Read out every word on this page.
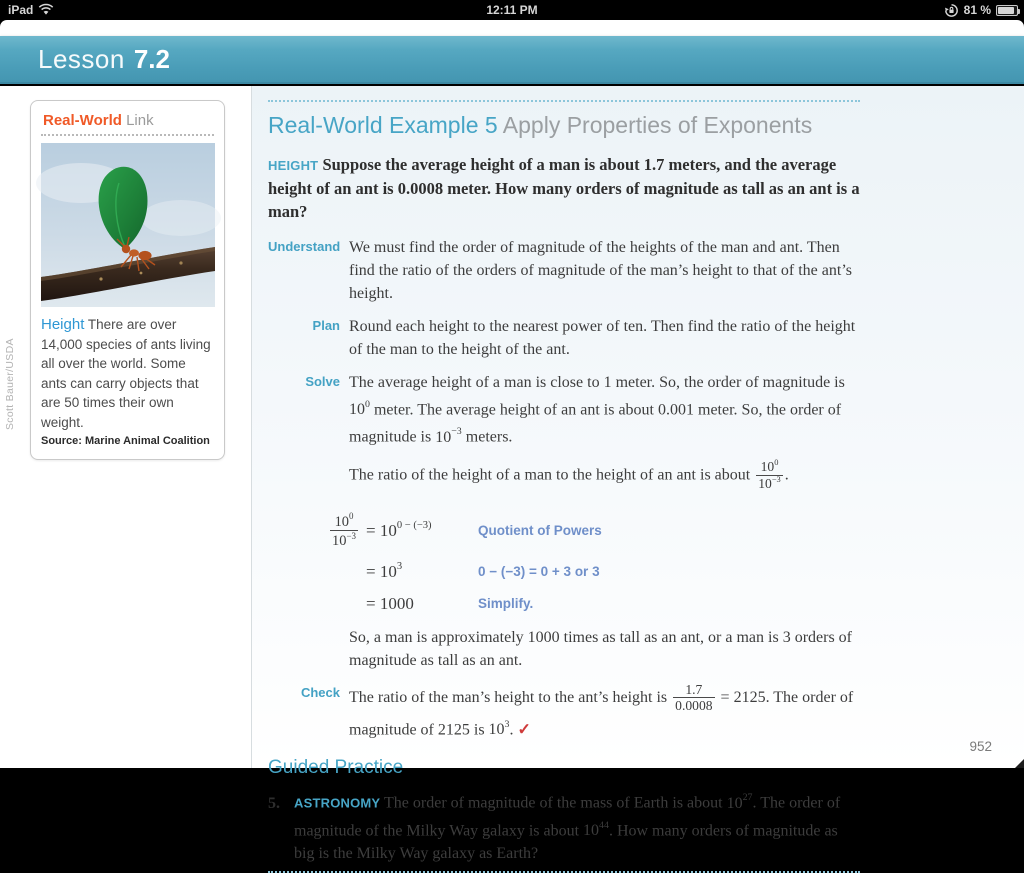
iPad	12:11 PM	81 %
Lesson 7.2
Scott Bauer/USDA
Real-World Link

Height There are over 14,000 species of ants living all over the world. Some ants can carry objects that are 50 times their own weight.

Source: Marine Animal Coalition

Real-World Example 5 Apply Properties of Exponents

HEIGHT Suppose the average height of a man is about 1.7 meters, and the average height of an ant is 0.0008 meter. How many orders of magnitude as tall as an ant is a man?

Understand We must find the order of magnitude of the heights of the man and ant. Then find the ratio of the orders of magnitude of the man’s height to that of the ant’s height.
Plan Round each height to the nearest power of ten. Then find the ratio of the height of the man to the height of the ant.
Solve The average height of a man is close to 1 meter. So, the order of magnitude is $10^0$ meter. The average height of an ant is about 0.001 meter. So, the order of magnitude is $10^{-3}$ meters.

The ratio of the height of a man to the height of an ant is about $\frac{10^0}{10^{-3}}$ .

$\frac{10^0}{10^{-3}} = 10^{0 - (-3)}$	Quotient of Powers
= $10^3$	0 − (−3) = 0 + 3 or 3
= 1000	Simplify.
So, a man is approximately 1000 times as tall as an ant, or a man is 3 orders of magnitude as tall as an ant.
Check The ratio of the man’s height to the ant’s height is $\frac{1.7}{0.0008} = 2125$. The order of magnitude of 2125 is $10^3$. ✓
Guided Practice

5. ASTRONOMY The order of magnitude of the mass of Earth is about $10^{27}$. The order of magnitude of the Milky Way galaxy is about $10^{44}$. How many orders of magnitude as big is the Milky Way galaxy as Earth?

952
